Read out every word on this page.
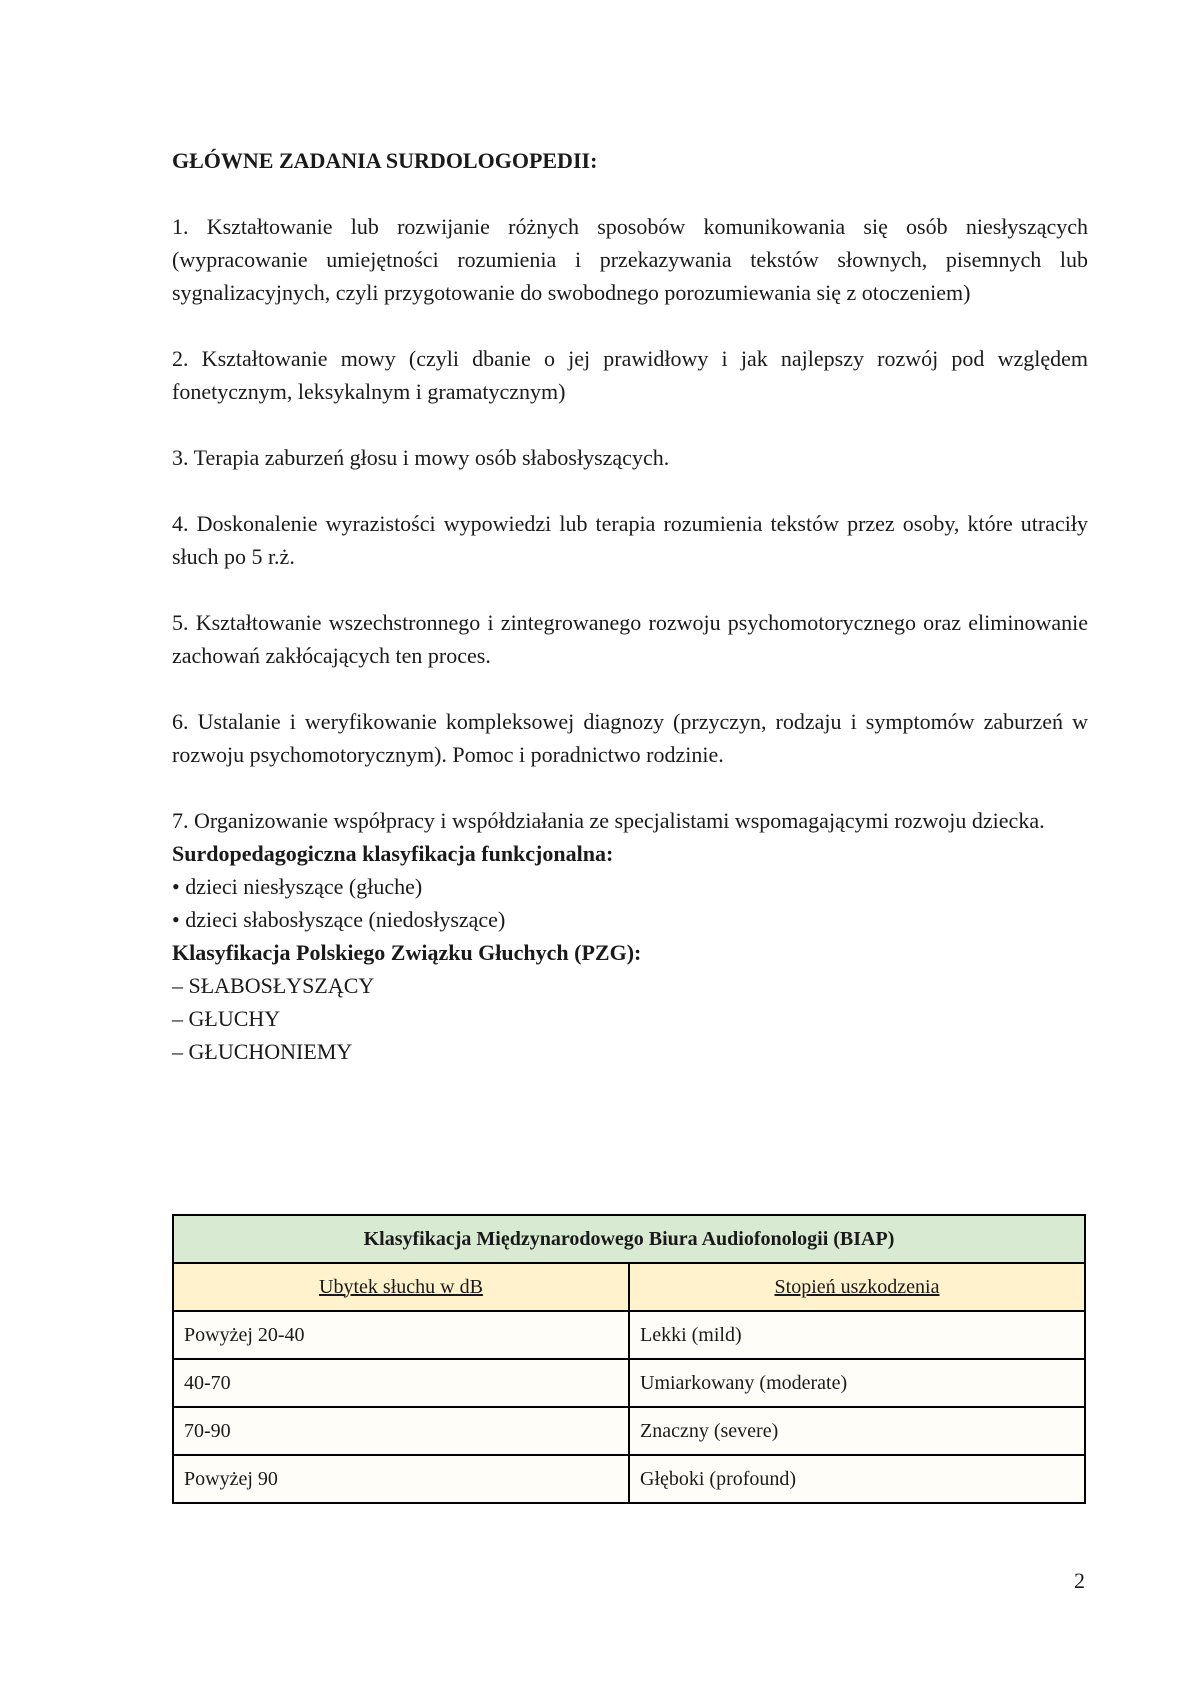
GŁÓWNE ZADANIA SURDOLOGOPEDII:

1. Kształtowanie lub rozwijanie różnych sposobów komunikowania się osób niesłyszących (wypracowanie umiejętności rozumienia i przekazywania tekstów słownych, pisemnych lub sygnalizacyjnych, czyli przygotowanie do swobodnego porozumiewania się z otoczeniem)

2. Kształtowanie mowy (czyli dbanie o jej prawidłowy i jak najlepszy rozwój pod względem fonetycznym, leksykalnym i gramatycznym)

3. Terapia zaburzeń głosu i mowy osób słabosłyszących.

4. Doskonalenie wyrazistości wypowiedzi lub terapia rozumienia tekstów przez osoby, które utraciły słuch po 5 r.ż.

5. Kształtowanie wszechstronnego i zintegrowanego rozwoju psychomotorycznego oraz eliminowanie zachowań zakłócających ten proces.

6. Ustalanie i weryfikowanie kompleksowej diagnozy (przyczyn, rodzaju i symptomów zaburzeń w rozwoju psychomotorycznym). Pomoc i poradnictwo rodzinie.

7. Organizowanie współpracy i współdziałania ze specjalistami wspomagającymi rozwoju dziecka.

Surdopedagogiczna klasyfikacja funkcjonalna:

• dzieci niesłyszące (głuche)

• dzieci słabosłyszące (niedosłyszące)

Klasyfikacja Polskiego Związku Głuchych (PZG):

– SŁABOSŁYSZĄCY

– GŁUCHY

– GŁUCHONIEMY

Klasyfikacja Międzynarodowego Biura Audiofonologii (BIAP)	
Ubytek słuchu w dB	Stopień uszkodzenia
Powyżej 20-40	Lekki (mild)
40-70	Umiarkowany (moderate)
70-90	Znaczny (severe)
Powyżej 90	Głęboki (profound)
2
